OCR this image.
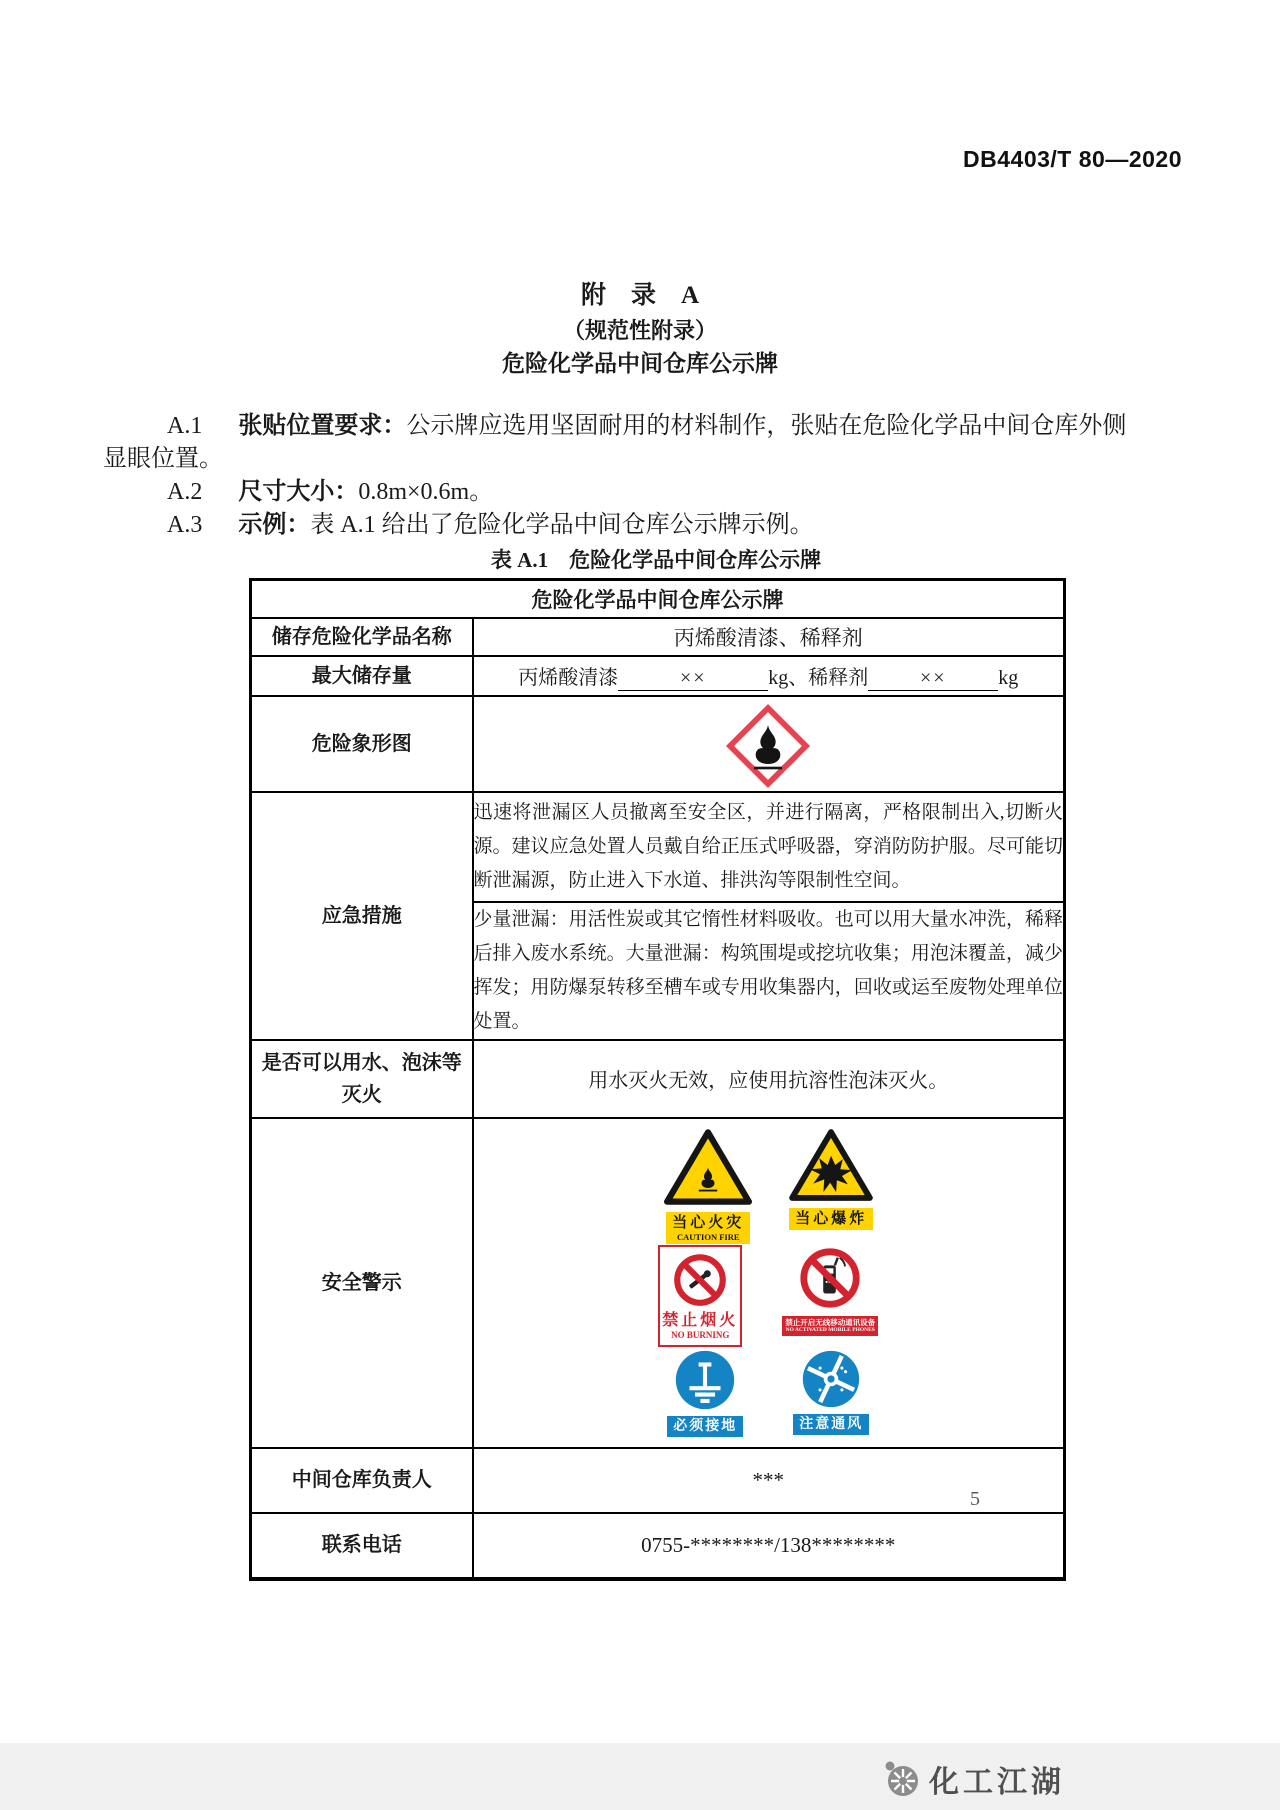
DB4403/T 80—2020
附　录　A
（规范性附录）
危险化学品中间仓库公示牌

A.1 张贴位置要求：公示牌应选用坚固耐用的材料制作，张贴在危险化学品中间仓库外侧显眼位置。

A.2 尺寸大小：0.8m×0.6m。

A.3 示例：表 A.1 给出了危险化学品中间仓库公示牌示例。

表 A.1　危险化学品中间仓库公示牌
危险化学品中间仓库公示牌	
储存危险化学品名称	丙烯酸清漆、稀释剂
最大储存量	丙烯酸清漆 ×× kg、稀释剂 ×× kg
危险象形图	

应急措施	迅速将泄漏区人员撤离至安全区，并进行隔离，严格限制出入,切断火源。建议应急处置人员戴自给正压式呼吸器，穿消防防护服。尽可能切断泄漏源，防止进入下水道、排洪沟等限制性空间。
	少量泄漏：用活性炭或其它惰性材料吸收。也可以用大量水冲洗，稀释后排入废水系统。大量泄漏：构筑围堤或挖坑收集；用泡沫覆盖，减少挥发；用防爆泵转移至槽车或专用收集器内，回收或运至废物处理单位处置。
是否可以用水、泡沫等灭火	用水灭火无效，应使用抗溶性泡沫灭火。
安全警示	
当心火灾
CAUTION FIRE
当心爆炸
禁止烟火
NO BURNING
禁止开启无线移动通讯设备
NO ACTIVATED MOBILE PHONES
必须接地	注意通风

中间仓库负责人	***
联系电话	0755-********/138********
5
化工江湖
